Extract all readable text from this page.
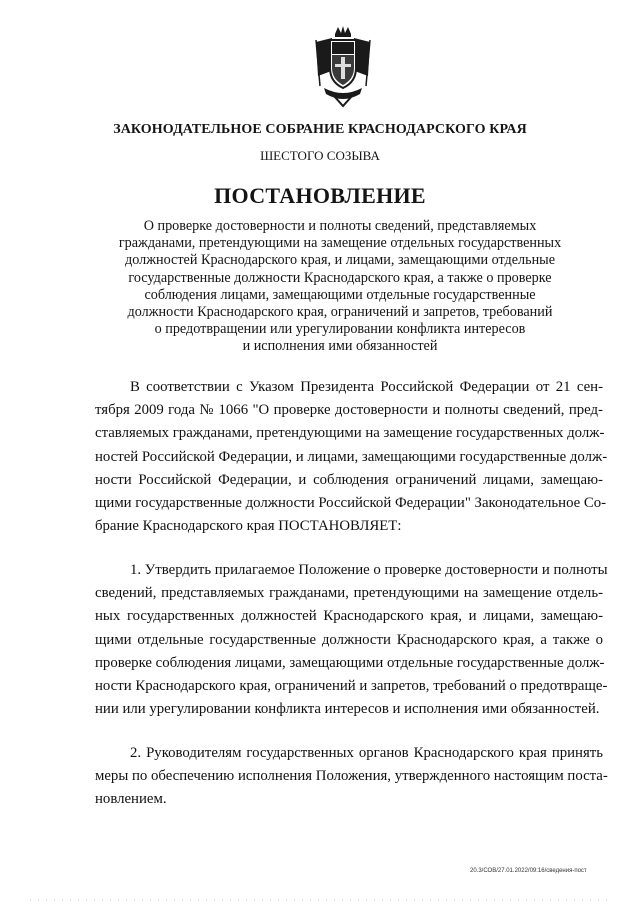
ЗАКОНОДАТЕЛЬНОЕ СОБРАНИЕ КРАСНОДАРСКОГО КРАЯ
ШЕСТОГО СОЗЫВА
ПОСТАНОВЛЕНИЕ
О проверке достоверности и полноты сведений, представляемых
гражданами, претендующими на замещение отдельных государственных
должностей Краснодарского края, и лицами, замещающими отдельные
государственные должности Краснодарского края, а также о проверке
соблюдения лицами, замещающими отдельные государственные
должности Краснодарского края, ограничений и запретов, требований
о предотвращении или урегулировании конфликта интересов
и исполнения ими обязанностей
В соответствии с Указом Президента Российской Федерации от 21 сен-
тября 2009 года № 1066 "О проверке достоверности и полноты сведений, пред-
ставляемых гражданами, претендующими на замещение государственных долж-
ностей Российской Федерации, и лицами, замещающими государственные долж-
ности Российской Федерации, и соблюдения ограничений лицами, замещаю-
щими государственные должности Российской Федерации" Законодательное Со-
брание Краснодарского края ПОСТАНОВЛЯЕТ:
1. Утвердить прилагаемое Положение о проверке достоверности и полноты
сведений, представляемых гражданами, претендующими на замещение отдель-
ных государственных должностей Краснодарского края, и лицами, замещаю-
щими отдельные государственные должности Краснодарского края, а также о
проверке соблюдения лицами, замещающими отдельные государственные долж-
ности Краснодарского края, ограничений и запретов, требований о предотвраще-
нии или урегулировании конфликта интересов и исполнения ими обязанностей.
2. Руководителям государственных органов Краснодарского края принять
меры по обеспечению исполнения Положения, утвержденного настоящим поста-
новлением.
20.3/СОВ/27.01.2022/09:16/сведения-пост
